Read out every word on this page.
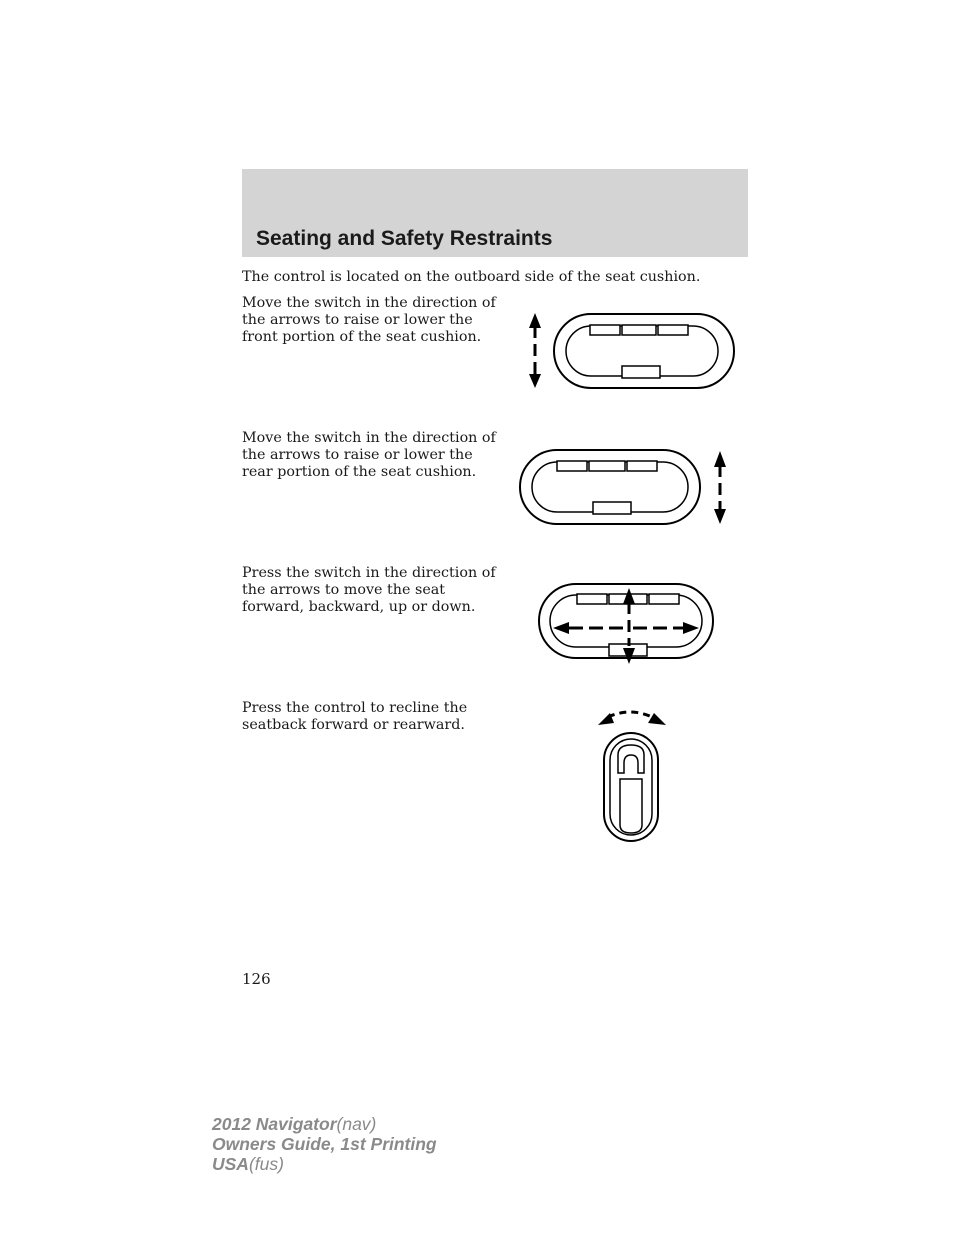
Seating and Safety Restraints
The control is located on the outboard side of the seat cushion.
Move the switch in the direction of the arrows to raise or lower the front portion of the seat cushion.
Move the switch in the direction of the arrows to raise or lower the rear portion of the seat cushion.
Press the switch in the direction of the arrows to move the seat forward, backward, up or down.
Press the control to recline the seatback forward or rearward.
126
2012 Navigator(nav)
Owners Guide, 1st Printing
USA(fus)
